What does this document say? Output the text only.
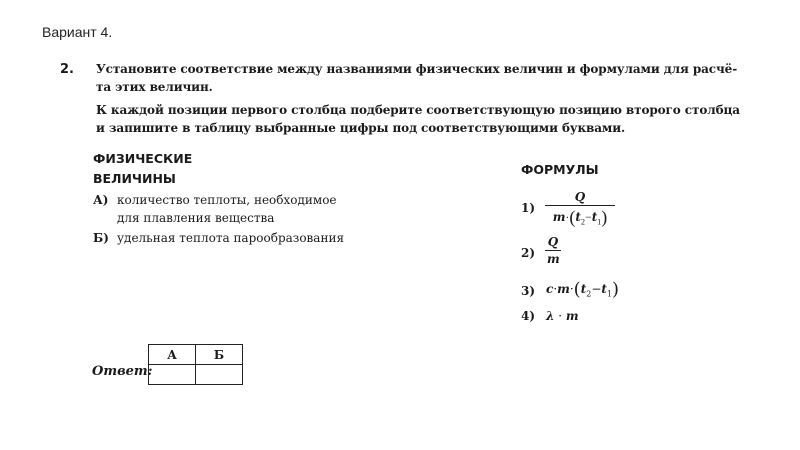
Вариант 4.
2. Установите соответствие между названиями физических величин и формулами для расчё-
та этих величин.
К каждой позиции первого столбца подберите соответствующую позицию второго столбца
и запишите в таблицу выбранные цифры под соответствующими буквами.
ФИЗИЧЕСКИЕ
ВЕЛИЧИНЫ
А) количество теплоты, необходимое
для плавления вещества
Б) удельная теплота парообразования
ФОРМУЛЫ
1)
Q
$m\cdot(t_2-t_1)$
2)
Q
m
3) $c\cdot m\cdot(t_2-t_1)$
4) λ · m
Ответ:
А	Б
